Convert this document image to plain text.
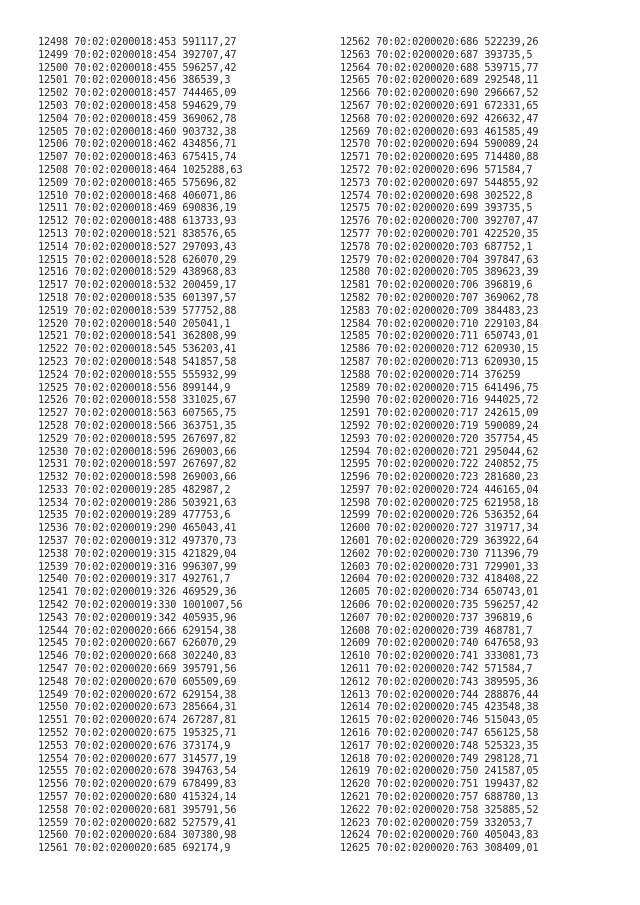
12498 70:02:0200018:453 591117,27
12499 70:02:0200018:454 392707,47
12500 70:02:0200018:455 596257,42
12501 70:02:0200018:456 386539,3
12502 70:02:0200018:457 744465,09
12503 70:02:0200018:458 594629,79
12504 70:02:0200018:459 369062,78
12505 70:02:0200018:460 903732,38
12506 70:02:0200018:462 434856,71
12507 70:02:0200018:463 675415,74
12508 70:02:0200018:464 1025288,63
12509 70:02:0200018:465 575696,82
12510 70:02:0200018:468 406071,86
12511 70:02:0200018:469 690836,19
12512 70:02:0200018:488 613733,93
12513 70:02:0200018:521 838576,65
12514 70:02:0200018:527 297093,43
12515 70:02:0200018:528 626070,29
12516 70:02:0200018:529 438968,83
12517 70:02:0200018:532 200459,17
12518 70:02:0200018:535 601397,57
12519 70:02:0200018:539 577752,88
12520 70:02:0200018:540 205041,1
12521 70:02:0200018:541 362808,99
12522 70:02:0200018:545 536203,41
12523 70:02:0200018:548 541857,58
12524 70:02:0200018:555 555932,99
12525 70:02:0200018:556 899144,9
12526 70:02:0200018:558 331025,67
12527 70:02:0200018:563 607565,75
12528 70:02:0200018:566 363751,35
12529 70:02:0200018:595 267697,82
12530 70:02:0200018:596 269003,66
12531 70:02:0200018:597 267697,82
12532 70:02:0200018:598 269003,66
12533 70:02:0200019:285 482987,2
12534 70:02:0200019:286 503921,63
12535 70:02:0200019:289 477753,6
12536 70:02:0200019:290 465043,41
12537 70:02:0200019:312 497370,73
12538 70:02:0200019:315 421829,04
12539 70:02:0200019:316 996307,99
12540 70:02:0200019:317 492761,7
12541 70:02:0200019:326 469529,36
12542 70:02:0200019:330 1001007,56
12543 70:02:0200019:342 405935,96
12544 70:02:0200020:666 629154,38
12545 70:02:0200020:667 626070,29
12546 70:02:0200020:668 302240,83
12547 70:02:0200020:669 395791,56
12548 70:02:0200020:670 605509,69
12549 70:02:0200020:672 629154,38
12550 70:02:0200020:673 285664,31
12551 70:02:0200020:674 267287,81
12552 70:02:0200020:675 195325,71
12553 70:02:0200020:676 373174,9
12554 70:02:0200020:677 314577,19
12555 70:02:0200020:678 394763,54
12556 70:02:0200020:679 678499,83
12557 70:02:0200020:680 415324,14
12558 70:02:0200020:681 395791,56
12559 70:02:0200020:682 527579,41
12560 70:02:0200020:684 307380,98
12561 70:02:0200020:685 692174,9
12562 70:02:0200020:686 522239,26
12563 70:02:0200020:687 393735,5
12564 70:02:0200020:688 539715,77
12565 70:02:0200020:689 292548,11
12566 70:02:0200020:690 296667,52
12567 70:02:0200020:691 672331,65
12568 70:02:0200020:692 426632,47
12569 70:02:0200020:693 461585,49
12570 70:02:0200020:694 590089,24
12571 70:02:0200020:695 714480,88
12572 70:02:0200020:696 571584,7
12573 70:02:0200020:697 544855,92
12574 70:02:0200020:698 302522,8
12575 70:02:0200020:699 393735,5
12576 70:02:0200020:700 392707,47
12577 70:02:0200020:701 422520,35
12578 70:02:0200020:703 687752,1
12579 70:02:0200020:704 397847,63
12580 70:02:0200020:705 389623,39
12581 70:02:0200020:706 396819,6
12582 70:02:0200020:707 369062,78
12583 70:02:0200020:709 384483,23
12584 70:02:0200020:710 229103,84
12585 70:02:0200020:711 650743,01
12586 70:02:0200020:712 620930,15
12587 70:02:0200020:713 620930,15
12588 70:02:0200020:714 376259
12589 70:02:0200020:715 641496,75
12590 70:02:0200020:716 944025,72
12591 70:02:0200020:717 242615,09
12592 70:02:0200020:719 590089,24
12593 70:02:0200020:720 357754,45
12594 70:02:0200020:721 295044,62
12595 70:02:0200020:722 240852,75
12596 70:02:0200020:723 281680,23
12597 70:02:0200020:724 446165,04
12598 70:02:0200020:725 621958,18
12599 70:02:0200020:726 536352,64
12600 70:02:0200020:727 319717,34
12601 70:02:0200020:729 363922,64
12602 70:02:0200020:730 711396,79
12603 70:02:0200020:731 729901,33
12604 70:02:0200020:732 418408,22
12605 70:02:0200020:734 650743,01
12606 70:02:0200020:735 596257,42
12607 70:02:0200020:737 396819,6
12608 70:02:0200020:739 468781,7
12609 70:02:0200020:740 647658,93
12610 70:02:0200020:741 333081,73
12611 70:02:0200020:742 571584,7
12612 70:02:0200020:743 389595,36
12613 70:02:0200020:744 288876,44
12614 70:02:0200020:745 423548,38
12615 70:02:0200020:746 515043,05
12616 70:02:0200020:747 656125,58
12617 70:02:0200020:748 525323,35
12618 70:02:0200020:749 298128,71
12619 70:02:0200020:750 241587,05
12620 70:02:0200020:751 199437,82
12621 70:02:0200020:757 688780,13
12622 70:02:0200020:758 325885,52
12623 70:02:0200020:759 332053,7
12624 70:02:0200020:760 405043,83
12625 70:02:0200020:763 308409,01
